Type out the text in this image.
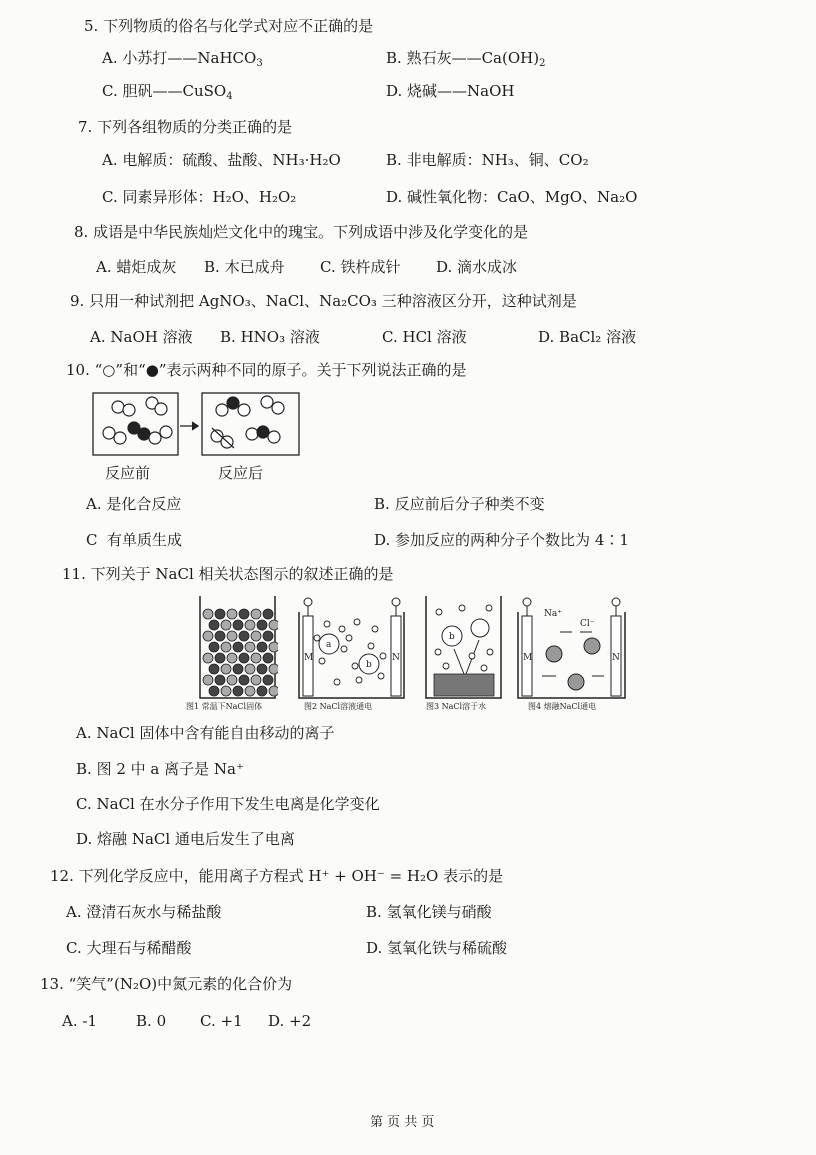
5. 下列物质的俗名与化学式对应不正确的是
A. 小苏打——NaHCO$_3$	B. 熟石灰$——Ca(OH)_2$
C. 胆矾——CuSO$_4$	D. 烧碱——NaOH
7. 下列各组物质的分类正确的是
A. 电解质：硫酸、盐酸、NH₃·H₂O	B. 非电解质：NH₃、铜、CO₂
C. 同素异形体：H₂O、H₂O₂	D. 碱性氧化物：CaO、MgO、Na₂O
8. 成语是中华民族灿烂文化中的瑰宝。下列成语中涉及化学变化的是
A. 蜡炬成灰 B. 木已成舟 C. 铁杵成针 D. 滴水成冰
9. 只用一种试剂把 AgNO₃、NaCl、Na₂CO₃ 三种溶液区分开，这种试剂是
A. NaOH 溶液 B. HNO₃ 溶液	C. HCl 溶液	D. BaCl₂ 溶液
10. “○”和“●”表示两种不同的原子。关于下列说法正确的是
反应前	反应后
A. 是化合反应	B. 反应前后分子种类不变
C 有单质生成	D. 参加反应的两种分子个数比为 4∶1
11. 下列关于 NaCl 相关状态图示的叙述正确的是
M	N
a
b
b
M	N
Na⁺
Cl⁻
图1 常温下NaCl固体	图2 NaCl溶液通电	图3 NaCl溶于水	图4 熔融NaCl通电
A. NaCl 固体中含有能自由移动的离子
B. 图 2 中 a 离子是 Na⁺
C. NaCl 在水分子作用下发生电离是化学变化
D. 熔融 NaCl 通电后发生了电离
12. 下列化学反应中，能用离子方程式 H⁺ + OH⁻ = H₂O 表示的是
A. 澄清石灰水与稀盐酸	B. 氢氧化镁与硝酸
C. 大理石与稀醋酸	D. 氢氧化铁与稀硫酸
13. “笑气”(N₂O)中氮元素的化合价为
A. -1	B. 0 C. +1 D. +2
第 页 共 页
